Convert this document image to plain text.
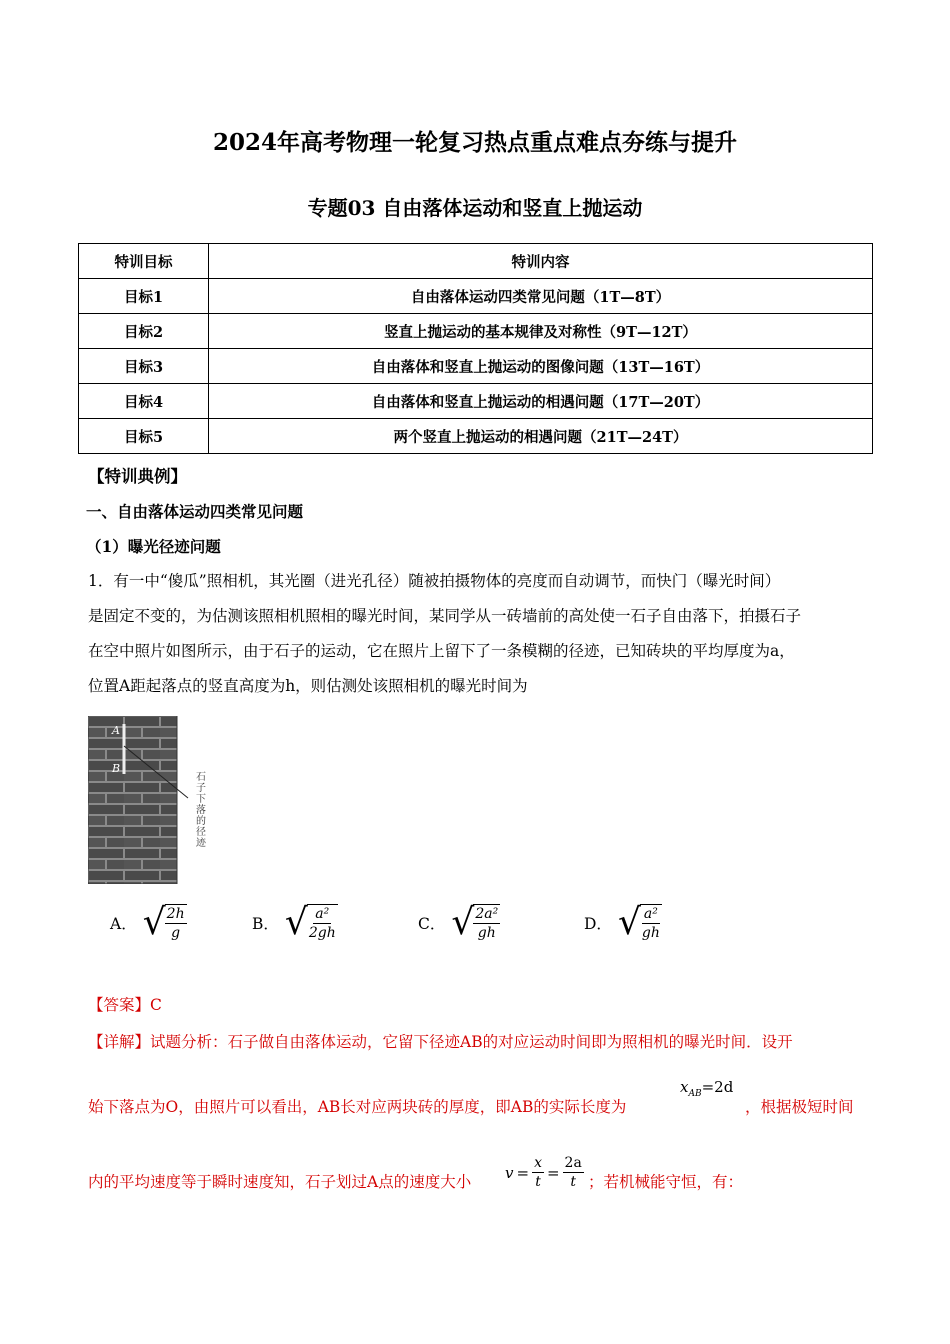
2024年高考物理一轮复习热点重点难点夯练与提升
专题03 自由落体运动和竖直上抛运动
特训目标	特训内容
目标1	自由落体运动四类常见问题（1T—8T）
目标2	竖直上抛运动的基本规律及对称性（9T—12T）
目标3	自由落体和竖直上抛运动的图像问题（13T—16T）
目标4	自由落体和竖直上抛运动的相遇问题（17T—20T）
目标5	两个竖直上抛运动的相遇问题（21T—24T）
【特训典例】
一、自由落体运动四类常见问题
（1）曝光径迹问题

1．有一中“傻瓜”照相机，其光圈（进光孔径）随被拍摄物体的亮度而自动调节，而快门（曝光时间）

是固定不变的，为估测该照相机照相的曝光时间，某同学从一砖墙前的高处使一石子自由落下，拍摄石子

在空中照片如图所示，由于石子的运动，它在照片上留下了一条模糊的径迹，已知砖块的平均厚度为a，

位置A距起落点的竖直高度为h，则估测处该照相机的曝光时间为

A
B
石子下落的径迹
A． √ $\frac{2h}{g}$	B． √ $\frac{\text{a²}}{2gh}$	C． √ $\frac{\text{2a²}}{gh}$	D． √ $\frac{\text{a²}}{gh}$
【答案】C
【详解】试题分析：石子做自由落体运动，它留下径迹AB的对应运动时间即为照相机的曝光时间．设开
始下落点为O，由照片可以看出，AB长对应两块砖的厚度，即AB的实际长度为
$x_{AB}=2d$
，根据极短时间
内的平均速度等于瞬时速度知，石子划过A点的速度大小
$v = \frac{x}{t} = \frac{2a}{t}$ ；若机械能守恒，有：
